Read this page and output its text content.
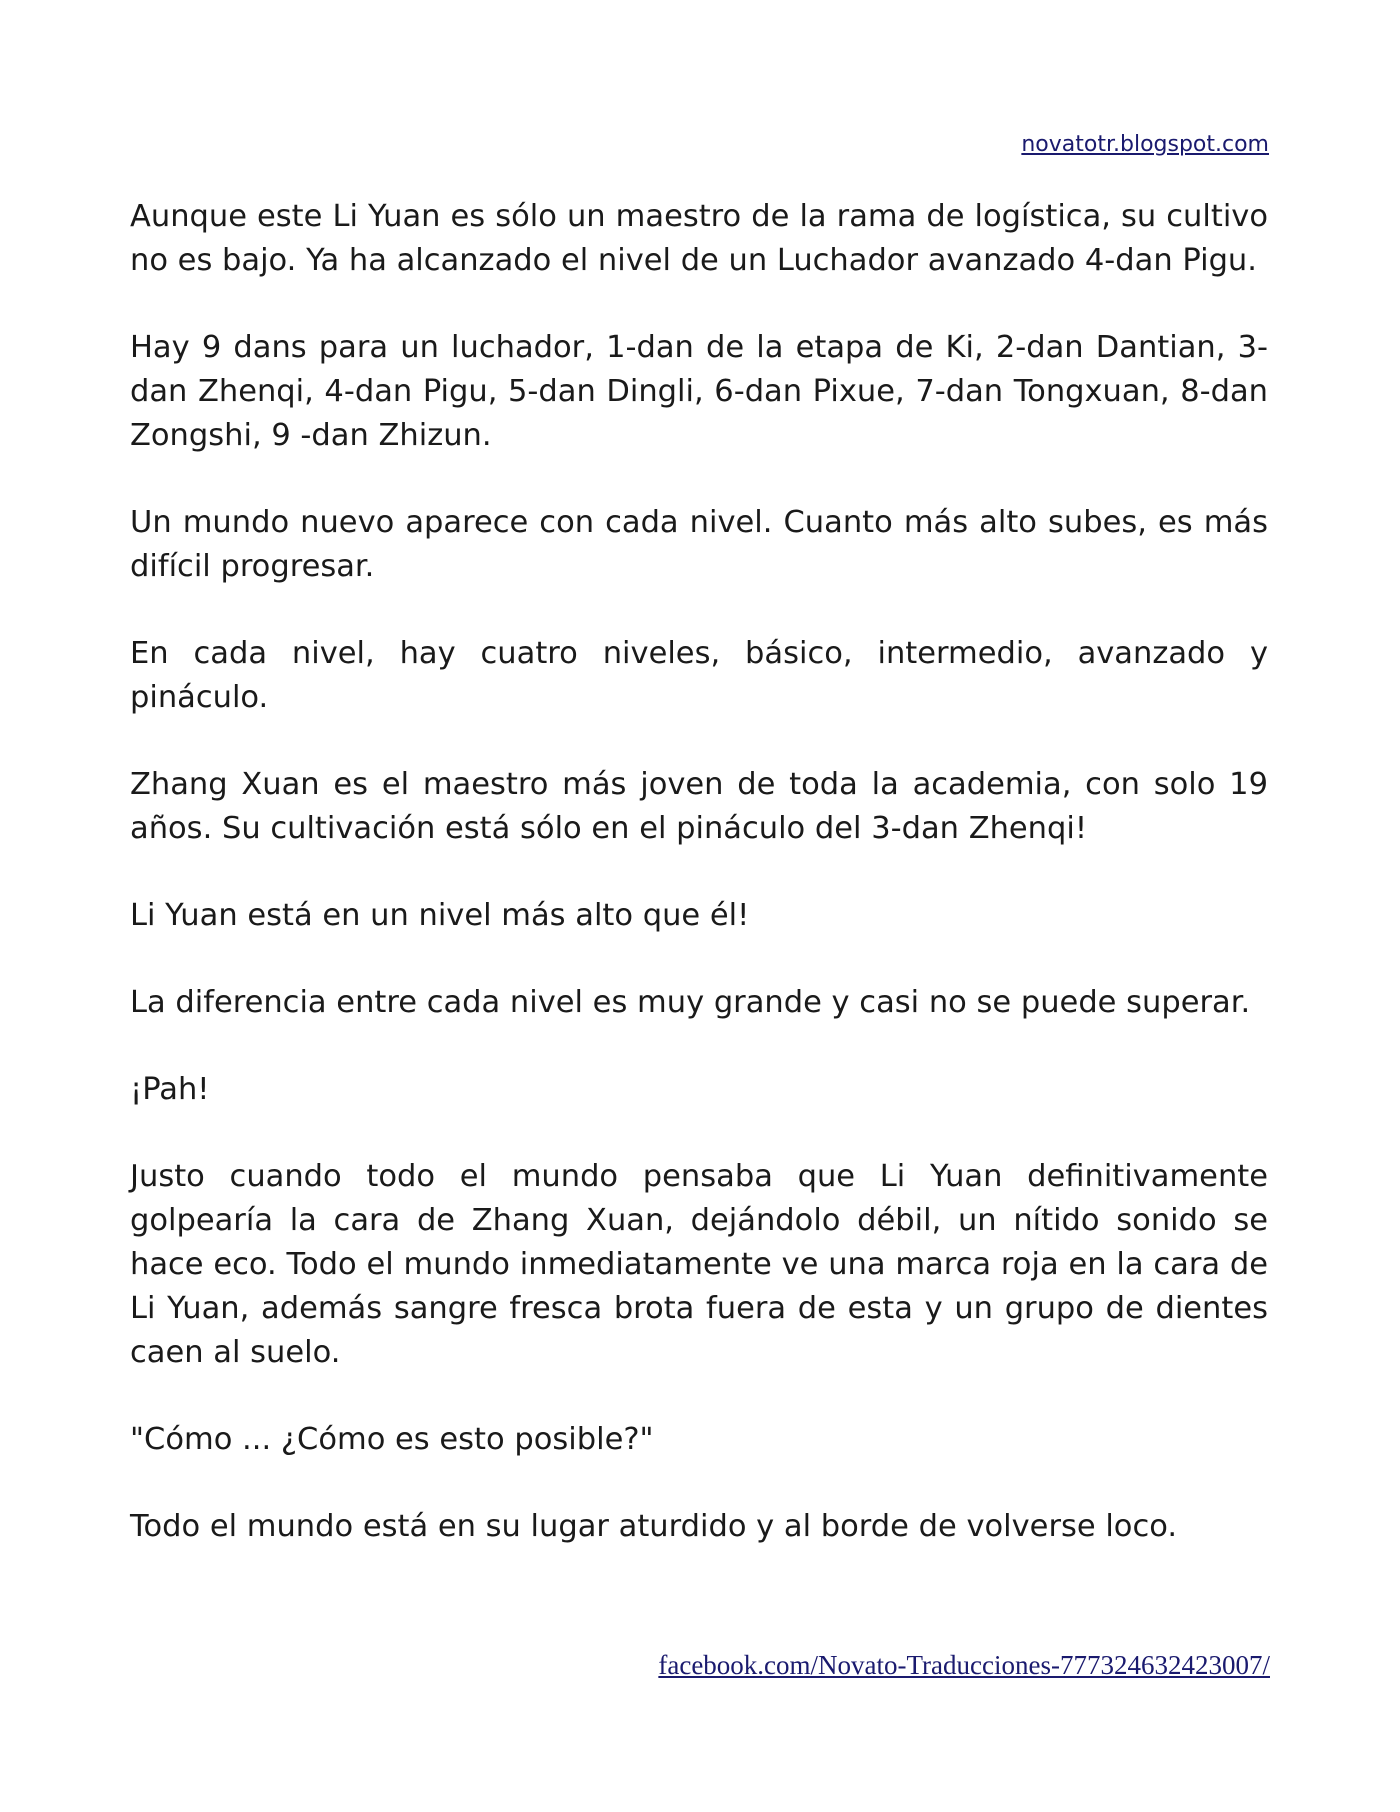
novatotr.blogspot.com

Aunque este Li Yuan es sólo un maestro de la rama de logística, su cultivo no es bajo. Ya ha alcanzado el nivel de un Luchador avanzado 4-dan Pigu.

Hay 9 dans para un luchador, 1-dan de la etapa de Ki, 2-dan Dantian, 3-dan Zhenqi, 4-dan Pigu, 5-dan Dingli, 6-dan Pixue, 7-dan Tongxuan, 8-dan Zongshi, 9 -dan Zhizun.

Un mundo nuevo aparece con cada nivel. Cuanto más alto subes, es más difícil progresar.

En cada nivel, hay cuatro niveles, básico, intermedio, avanzado y pináculo.

Zhang Xuan es el maestro más joven de toda la academia, con solo 19 años. Su cultivación está sólo en el pináculo del 3-dan Zhenqi!

Li Yuan está en un nivel más alto que él!

La diferencia entre cada nivel es muy grande y casi no se puede superar.

¡Pah!

Justo cuando todo el mundo pensaba que Li Yuan definitivamente golpearía la cara de Zhang Xuan, dejándolo débil, un nítido sonido se hace eco. Todo el mundo inmediatamente ve una marca roja en la cara de Li Yuan, además sangre fresca brota fuera de esta y un grupo de dientes caen al suelo.

"Cómo ... ¿Cómo es esto posible?"

Todo el mundo está en su lugar aturdido y al borde de volverse loco.

facebook.com/Novato-Traducciones-777324632423007/
